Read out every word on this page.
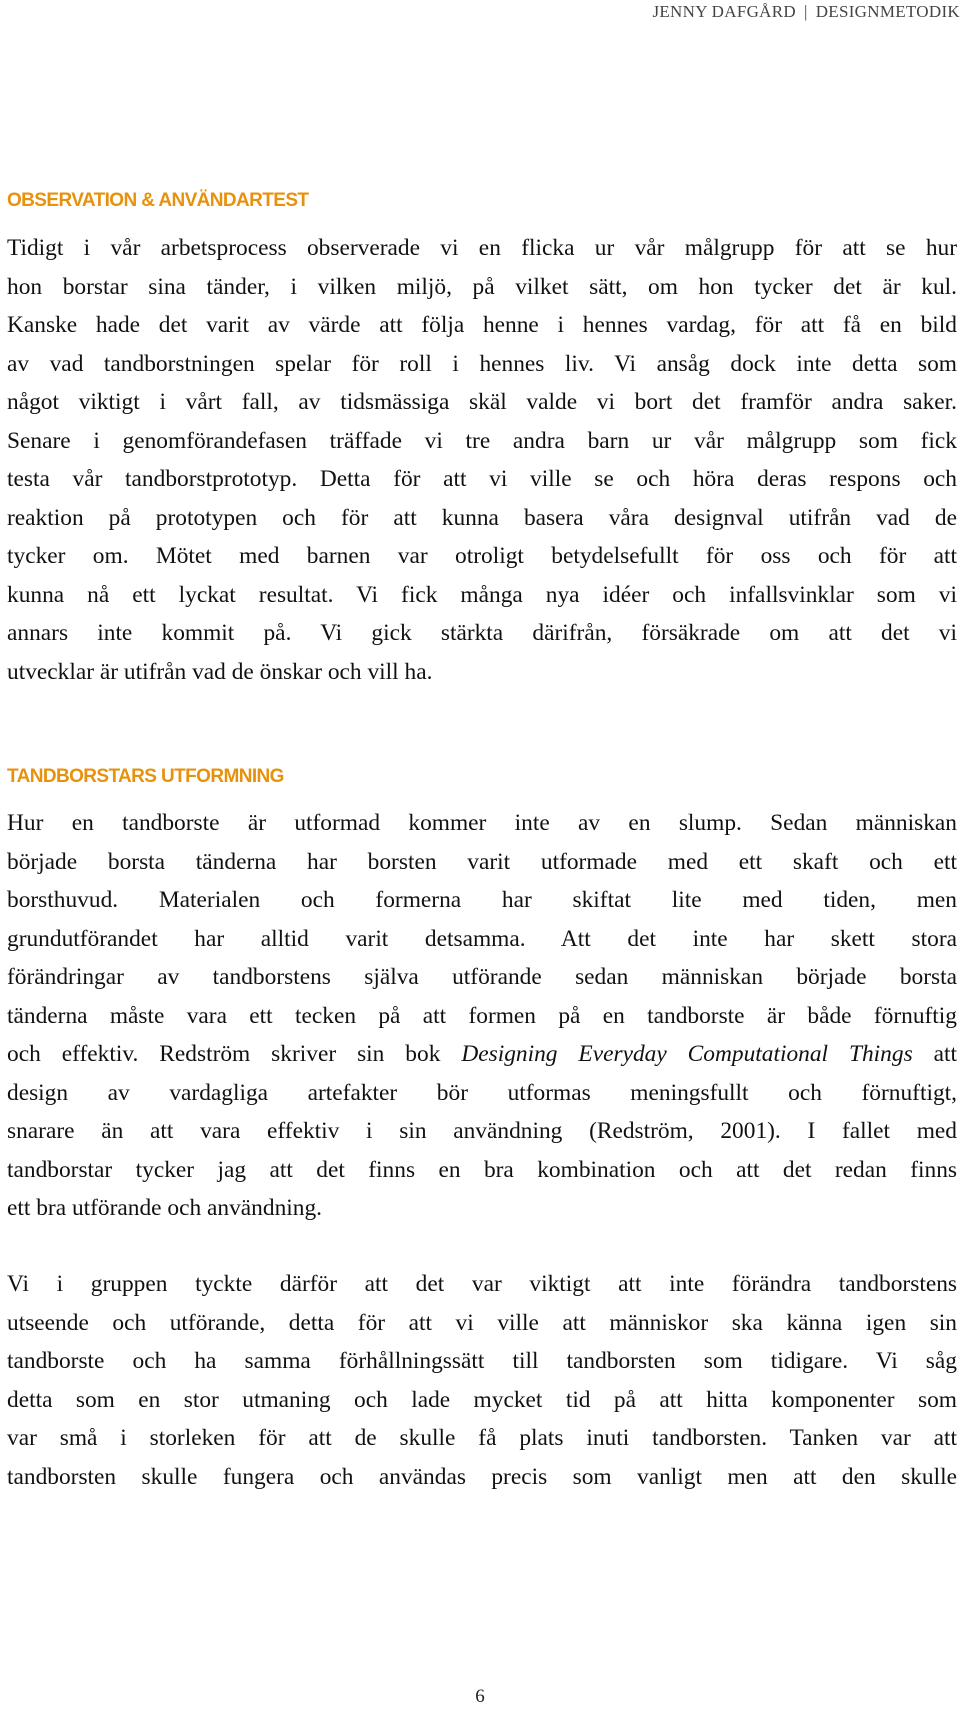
JENNY DAFGÅRD | DESIGNMETODIK
OBSERVATION & ANVÄNDARTEST
Tidigt i vår arbetsprocess observerade vi en flicka ur vår målgrupp för att se hur
hon borstar sina tänder, i vilken miljö, på vilket sätt, om hon tycker det är kul.
Kanske hade det varit av värde att följa henne i hennes vardag, för att få en bild
av vad tandborstningen spelar för roll i hennes liv. Vi ansåg dock inte detta som
något viktigt i vårt fall, av tidsmässiga skäl valde vi bort det framför andra saker.
Senare i genomförandefasen träffade vi tre andra barn ur vår målgrupp som fick
testa vår tandborstprototyp. Detta för att vi ville se och höra deras respons och
reaktion på prototypen och för att kunna basera våra designval utifrån vad de
tycker om. Mötet med barnen var otroligt betydelsefullt för oss och för att
kunna nå ett lyckat resultat. Vi fick många nya idéer och infallsvinklar som vi
annars inte kommit på. Vi gick stärkta därifrån, försäkrade om att det vi
utvecklar är utifrån vad de önskar och vill ha.
TANDBORSTARS UTFORMNING
Hur en tandborste är utformad kommer inte av en slump. Sedan människan
började borsta tänderna har borsten varit utformade med ett skaft och ett
borsthuvud. Materialen och formerna har skiftat lite med tiden, men
grundutförandet har alltid varit detsamma. Att det inte har skett stora
förändringar av tandborstens själva utförande sedan människan började borsta
tänderna måste vara ett tecken på att formen på en tandborste är både förnuftig
och effektiv. Redström skriver sin bok Designing Everyday Computational Things att
design av vardagliga artefakter bör utformas meningsfullt och förnuftigt,
snarare än att vara effektiv i sin användning (Redström, 2001). I fallet med
tandborstar tycker jag att det finns en bra kombination och att det redan finns
ett bra utförande och användning.
Vi i gruppen tyckte därför att det var viktigt att inte förändra tandborstens
utseende och utförande, detta för att vi ville att människor ska känna igen sin
tandborste och ha samma förhållningssätt till tandborsten som tidigare. Vi såg
detta som en stor utmaning och lade mycket tid på att hitta komponenter som
var små i storleken för att de skulle få plats inuti tandborsten. Tanken var att
tandborsten skulle fungera och användas precis som vanligt men att den skulle
6
